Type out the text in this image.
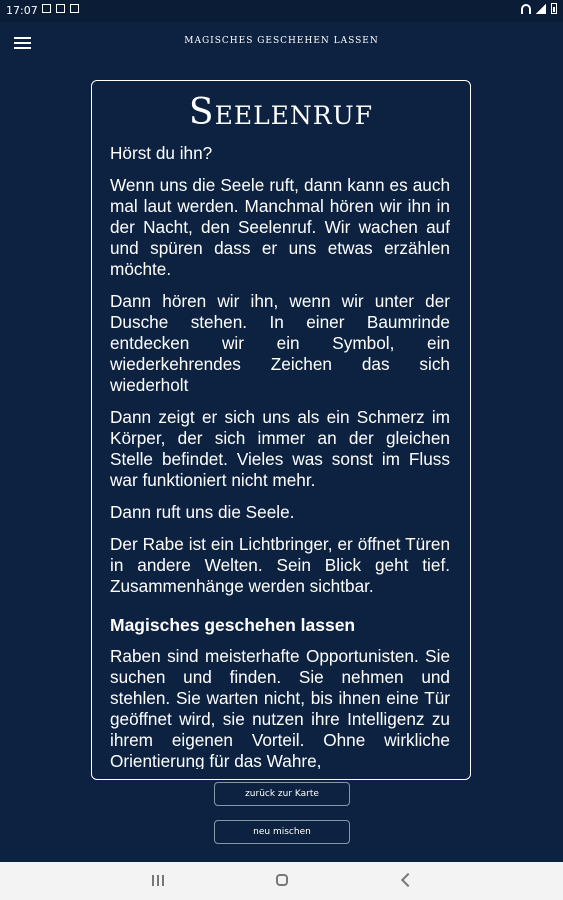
17:07
MAGISCHES GESCHEHEN LASSEN
Seelenruf

Hörst du ihn?

Wenn uns die Seele ruft, dann kann es auch mal laut werden. Manchmal hören wir ihn in der Nacht, den Seelenruf. Wir wachen auf und spüren dass er uns etwas erzählen möchte.

Dann hören wir ihn, wenn wir unter der Dusche stehen. In einer Baumrinde entdecken wir ein Symbol, ein wiederkehrendes Zeichen das sich wiederholt

Dann zeigt er sich uns als ein Schmerz im Körper, der sich immer an der gleichen Stelle befindet. Vieles was sonst im Fluss war funktioniert nicht mehr.

Dann ruft uns die Seele.

Der Rabe ist ein Lichtbringer, er öffnet Türen in andere Welten. Sein Blick geht tief. Zusammenhänge werden sichtbar.

Magisches geschehen lassen

Raben sind meisterhafte Opportunisten. Sie suchen und finden. Sie nehmen und stehlen. Sie warten nicht, bis ihnen eine Tür geöffnet wird, sie nutzen ihre Intelligenz zu ihrem eigenen Vorteil. Ohne wirkliche Orientierung für das Wahre,

zurück zur Karte
neu mischen
